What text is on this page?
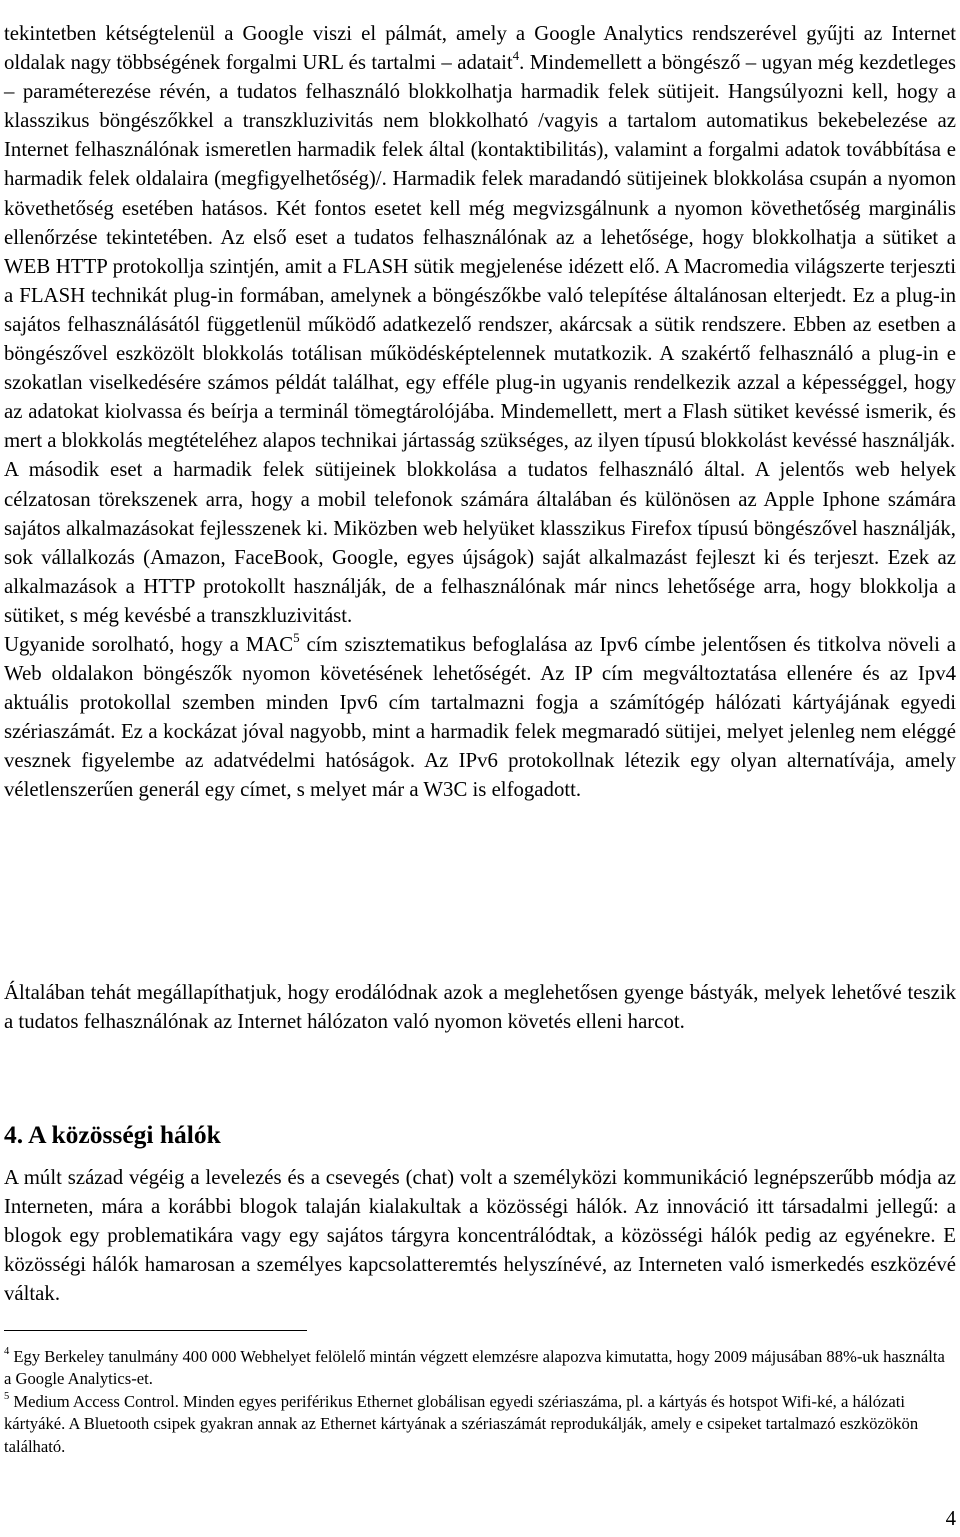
tekintetben kétségtelenül a Google viszi el pálmát, amely a Google Analytics rendszerével gyűjti az Internet oldalak nagy többségének forgalmi URL és tartalmi – adatait$^4$. Mindemellett a böngésző – ugyan még kezdetleges – paraméterezése révén, a tudatos felhasználó blokkolhatja harmadik felek sütijeit. Hangsúlyozni kell, hogy a klasszikus böngészőkkel a transzkluzivitás nem blokkolható /vagyis a tartalom automatikus bekebelezése az Internet felhasználónak ismeretlen harmadik felek által (kontaktibilitás), valamint a forgalmi adatok továbbítása e harmadik felek oldalaira (megfigyelhetőség)/. Harmadik felek maradandó sütijeinek blokkolása csupán a nyomon követhetőség esetében hatásos. Két fontos esetet kell még megvizsgálnunk a nyomon követhetőség marginális ellenőrzése tekintetében. Az első eset a tudatos felhasználónak az a lehetősége, hogy blokkolhatja a sütiket a WEB HTTP protokollja szintjén, amit a FLASH sütik megjelenése idézett elő. A Macromedia világszerte terjeszti a FLASH technikát plug-in formában, amelynek a böngészőkbe való telepítése általánosan elterjedt. Ez a plug-in sajátos felhasználásától függetlenül működő adatkezelő rendszer, akárcsak a sütik rendszere. Ebben az esetben a böngészővel eszközölt blokkolás totálisan működésképtelennek mutatkozik. A szakértő felhasználó a plug-in e szokatlan viselkedésére számos példát találhat, egy efféle plug-in ugyanis rendelkezik azzal a képességgel, hogy az adatokat kiolvassa és beírja a terminál tömegtárolójába. Mindemellett, mert a Flash sütiket kevéssé ismerik, és mert a blokkolás megtételéhez alapos technikai jártasság szükséges, az ilyen típusú blokkolást kevéssé használják.

A második eset a harmadik felek sütijeinek blokkolása a tudatos felhasználó által. A jelentős web helyek célzatosan törekszenek arra, hogy a mobil telefonok számára általában és különösen az Apple Iphone számára sajátos alkalmazásokat fejlesszenek ki. Miközben web helyüket klasszikus Firefox típusú böngészővel használják, sok vállalkozás (Amazon, FaceBook, Google, egyes újságok) saját alkalmazást fejleszt ki és terjeszt. Ezek az alkalmazások a HTTP protokollt használják, de a felhasználónak már nincs lehetősége arra, hogy blokkolja a sütiket, s még kevésbé a transzkluzivitást.

Ugyanide sorolható, hogy a MAC$^5$ cím szisztematikus befoglalása az Ipv6 címbe jelentősen és titkolva növeli a Web oldalakon böngészők nyomon követésének lehetőségét. Az IP cím megváltoztatása ellenére és az Ipv4 aktuális protokollal szemben minden Ipv6 cím tartalmazni fogja a számítógép hálózati kártyájának egyedi szériaszámát. Ez a kockázat jóval nagyobb, mint a harmadik felek megmaradó sütijei, melyet jelenleg nem eléggé vesznek figyelembe az adatvédelmi hatóságok. Az IPv6 protokollnak létezik egy olyan alternatívája, amely véletlenszerűen generál egy címet, s melyet már a W3C is elfogadott.

Általában tehát megállapíthatjuk, hogy erodálódnak azok a meglehetősen gyenge bástyák, melyek lehetővé teszik a tudatos felhasználónak az Internet hálózaton való nyomon követés elleni harcot.

4. A közösségi hálók

A múlt század végéig a levelezés és a csevegés (chat) volt a személyközi kommunikáció legnépszerűbb módja az Interneten, mára a korábbi blogok talaján kialakultak a közösségi hálók. Az innováció itt társadalmi jellegű: a blogok egy problematikára vagy egy sajátos tárgyra koncentrálódtak, a közösségi hálók pedig az egyénekre. E közösségi hálók hamarosan a személyes kapcsolatteremtés helyszínévé, az Interneten való ismerkedés eszközévé váltak.

$^4$ Egy Berkeley tanulmány 400 000 Webhelyet felölelő mintán végzett elemzésre alapozva kimutatta, hogy 2009 májusában 88%-uk használta a Google Analytics-et.

$^5$ Medium Access Control. Minden egyes periférikus Ethernet globálisan egyedi szériaszáma, pl. a kártyás és hotspot Wifi-ké, a hálózati kártyáké. A Bluetooth csipek gyakran annak az Ethernet kártyának a szériaszámát reprodukálják, amely e csipeket tartalmazó eszközökön található.

4
